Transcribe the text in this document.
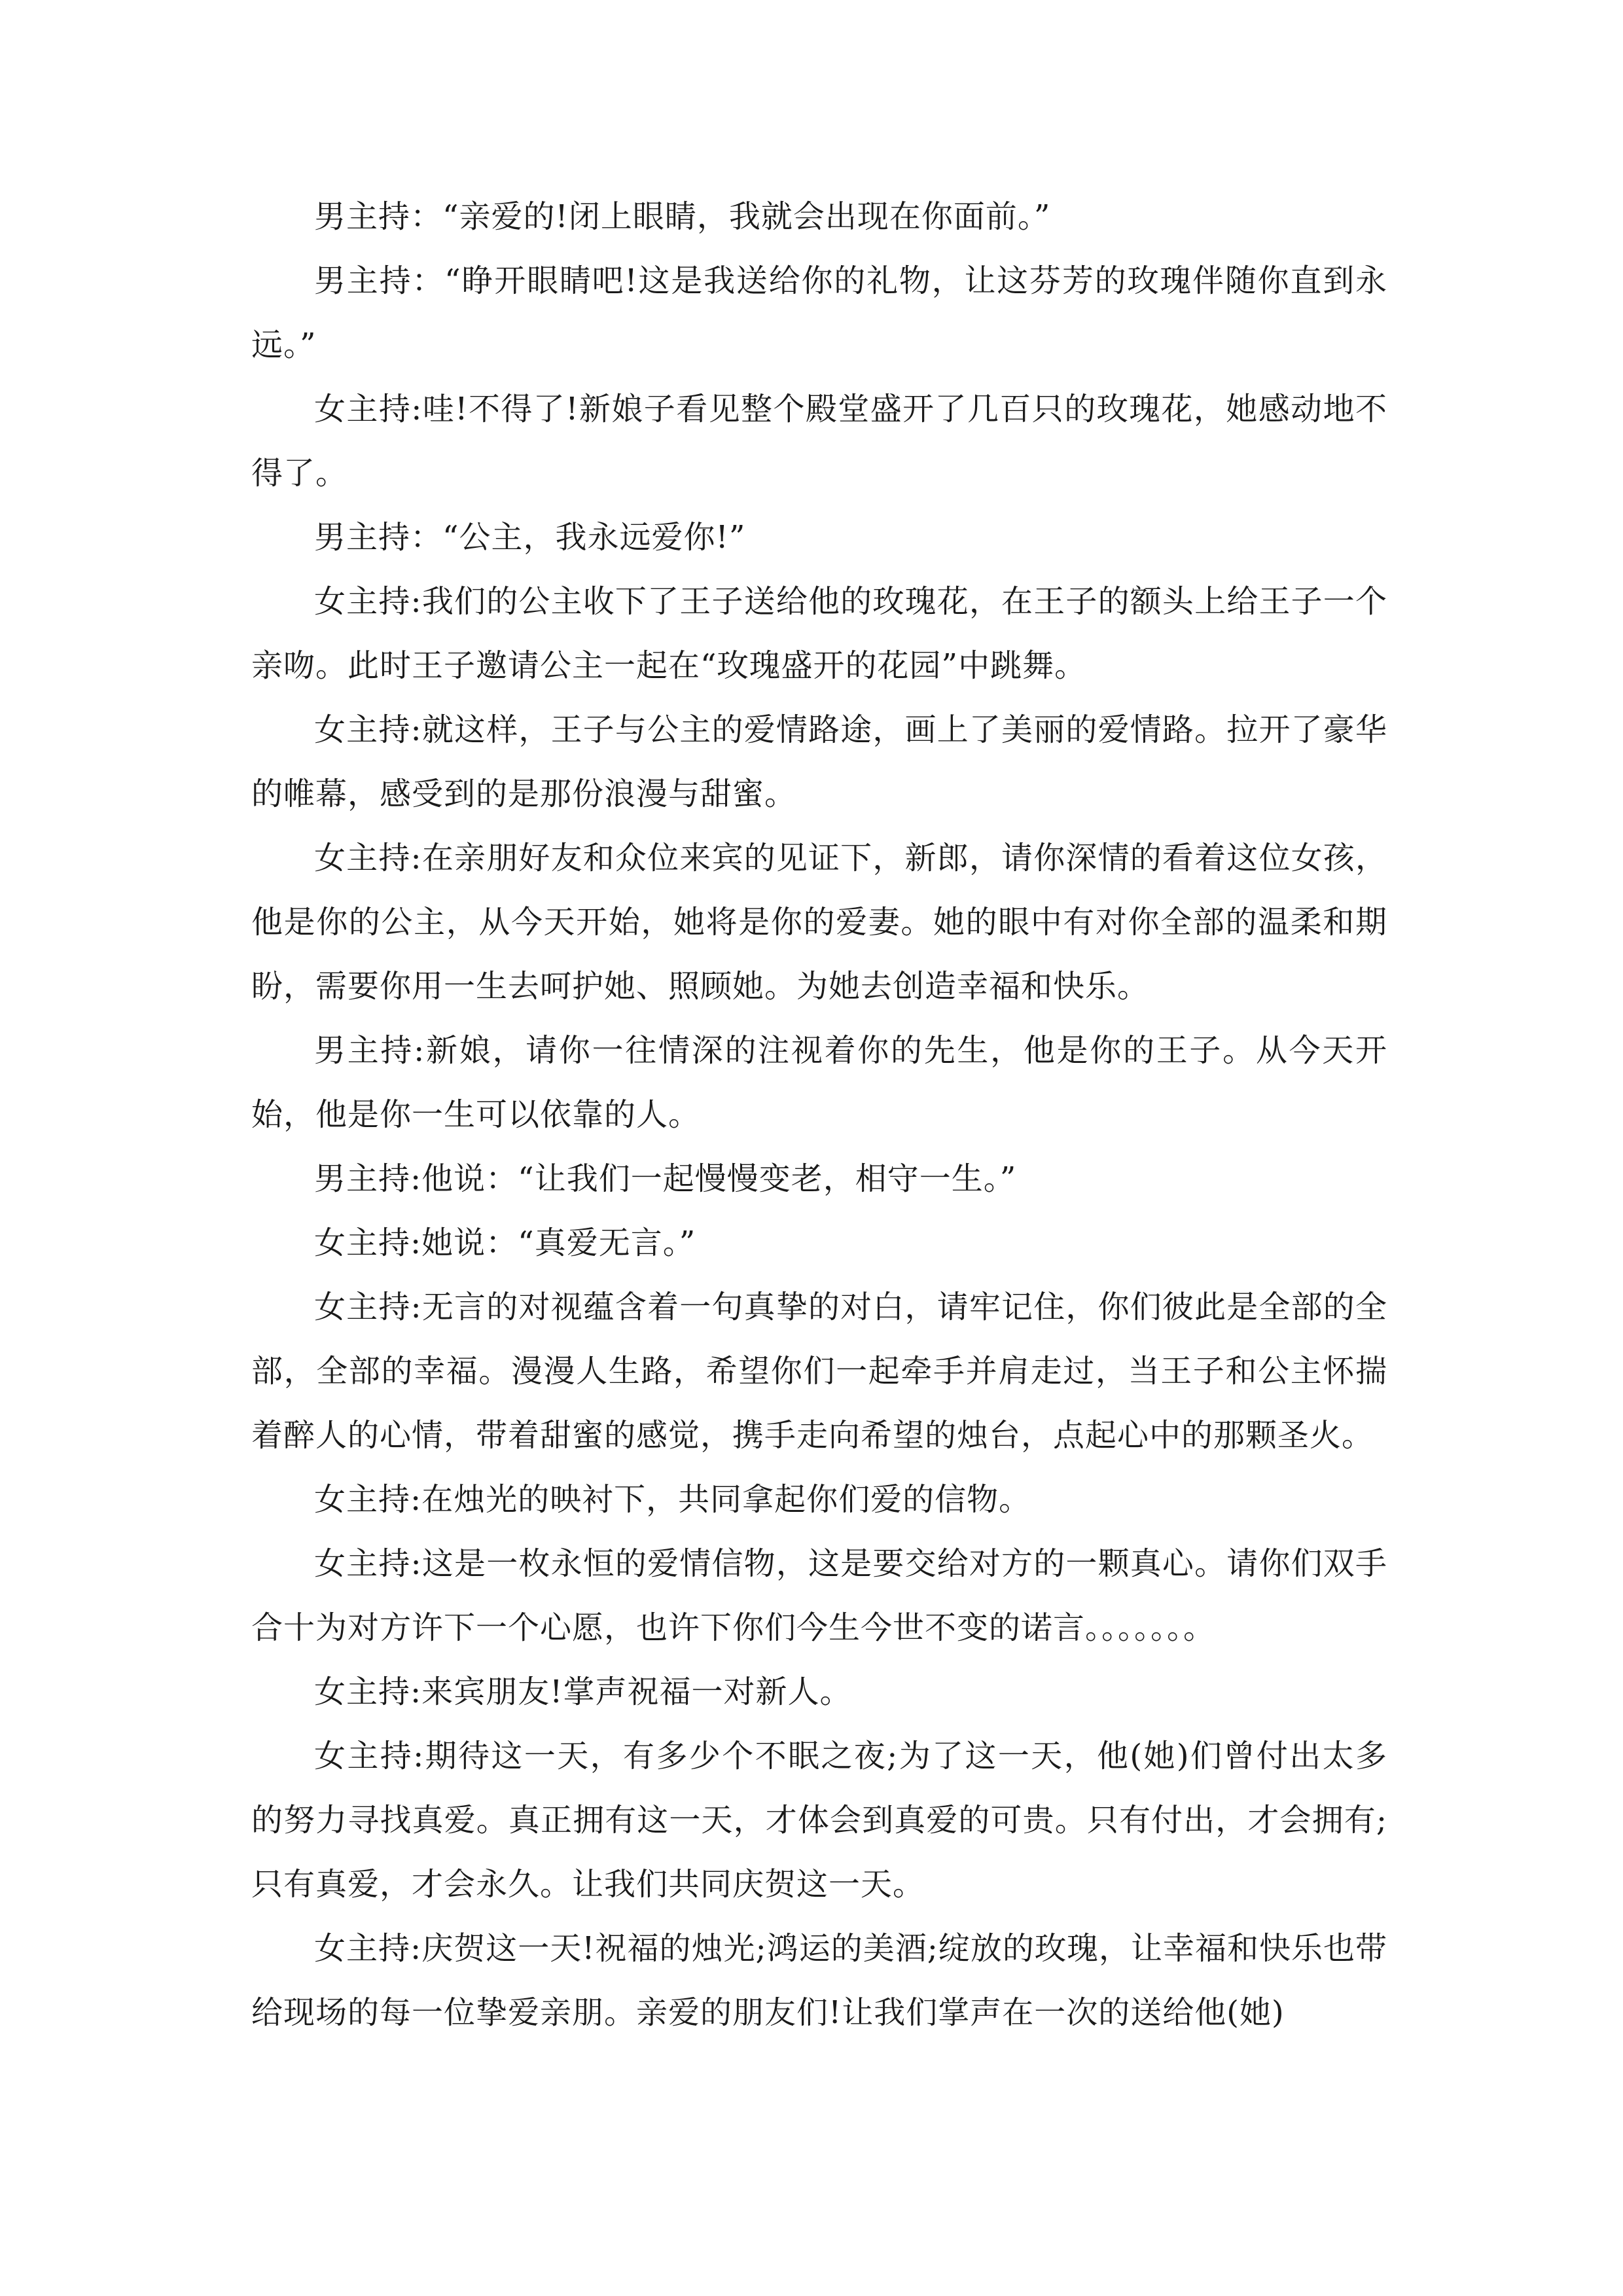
男主持：“亲爱的!闭上眼睛，我就会出现在你面前。”

男主持：“睁开眼睛吧!这是我送给你的礼物，让这芬芳的玫瑰伴随你直到永远。”

女主持:哇!不得了!新娘子看见整个殿堂盛开了几百只的玫瑰花，她感动地不得了。

男主持：“公主，我永远爱你!”

女主持:我们的公主收下了王子送给他的玫瑰花，在王子的额头上给王子一个亲吻。此时王子邀请公主一起在“玫瑰盛开的花园”中跳舞。

女主持:就这样，王子与公主的爱情路途，画上了美丽的爱情路。拉开了豪华的帷幕，感受到的是那份浪漫与甜蜜。

女主持:在亲朋好友和众位来宾的见证下，新郎，请你深情的看着这位女孩，他是你的公主，从今天开始，她将是你的爱妻。她的眼中有对你全部的温柔和期盼，需要你用一生去呵护她、照顾她。为她去创造幸福和快乐。

男主持:新娘，请你一往情深的注视着你的先生，他是你的王子。从今天开始，他是你一生可以依靠的人。

男主持:他说：“让我们一起慢慢变老，相守一生。”

女主持:她说：“真爱无言。”

女主持:无言的对视蕴含着一句真挚的对白，请牢记住，你们彼此是全部的全部，全部的幸福。漫漫人生路，希望你们一起牵手并肩走过，当王子和公主怀揣着醉人的心情，带着甜蜜的感觉，携手走向希望的烛台，点起心中的那颗圣火。

女主持:在烛光的映衬下，共同拿起你们爱的信物。

女主持:这是一枚永恒的爱情信物，这是要交给对方的一颗真心。请你们双手合十为对方许下一个心愿，也许下你们今生今世不变的诺言。。。。。。。

女主持:来宾朋友!掌声祝福一对新人。

女主持:期待这一天，有多少个不眠之夜;为了这一天，他(她)们曾付出太多的努力寻找真爱。真正拥有这一天，才体会到真爱的可贵。只有付出，才会拥有;只有真爱，才会永久。让我们共同庆贺这一天。

女主持:庆贺这一天!祝福的烛光;鸿运的美酒;绽放的玫瑰，让幸福和快乐也带给现场的每一位挚爱亲朋。亲爱的朋友们!让我们掌声在一次的送给他(她)
